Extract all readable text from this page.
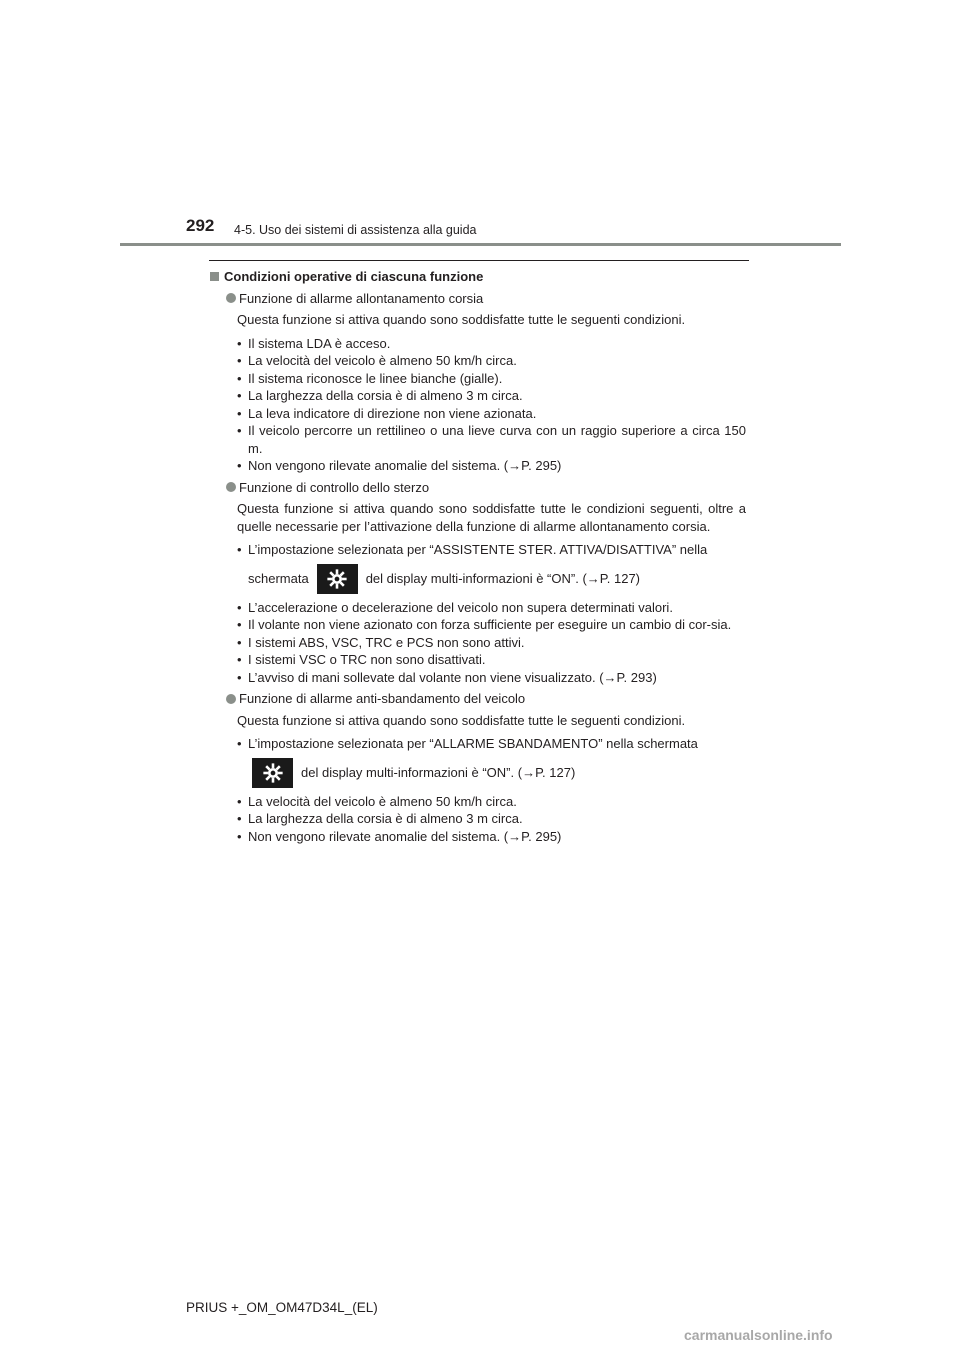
292 4-5. Uso dei sistemi di assistenza alla guida
Condizioni operative di ciascuna funzione
Funzione di allarme allontanamento corsia
Questa funzione si attiva quando sono soddisfatte tutte le seguenti condizioni.
• Il sistema LDA è acceso.
• La velocità del veicolo è almeno 50 km/h circa.
• Il sistema riconosce le linee bianche (gialle).
• La larghezza della corsia è di almeno 3 m circa.
• La leva indicatore di direzione non viene azionata.
• Il veicolo percorre un rettilineo o una lieve curva con un raggio superiore a circa 150 m.
• Non vengono rilevate anomalie del sistema. (→P. 295)
Funzione di controllo dello sterzo
Questa funzione si attiva quando sono soddisfatte tutte le condizioni seguenti, oltre a quelle necessarie per l’attivazione della funzione di allarme allontanamento corsia.
• L’impostazione selezionata per “ASSISTENTE STER. ATTIVA/DISATTIVA” nella
schermata	del display multi-informazioni è “ON”. (→P. 127)
• L’accelerazione o decelerazione del veicolo non supera determinati valori.
• Il volante non viene azionato con forza sufficiente per eseguire un cambio di cor-sia.
• I sistemi ABS, VSC, TRC e PCS non sono attivi.
• I sistemi VSC o TRC non sono disattivati.
• L’avviso di mani sollevate dal volante non viene visualizzato. (→P. 293)
Funzione di allarme anti-sbandamento del veicolo
Questa funzione si attiva quando sono soddisfatte tutte le seguenti condizioni.
• L’impostazione selezionata per “ALLARME SBANDAMENTO” nella schermata
del display multi-informazioni è “ON”. (→P. 127)
• La velocità del veicolo è almeno 50 km/h circa.
• La larghezza della corsia è di almeno 3 m circa.
• Non vengono rilevate anomalie del sistema. (→P. 295)
PRIUS +_OM_OM47D34L_(EL)
carmanualsonline.info
